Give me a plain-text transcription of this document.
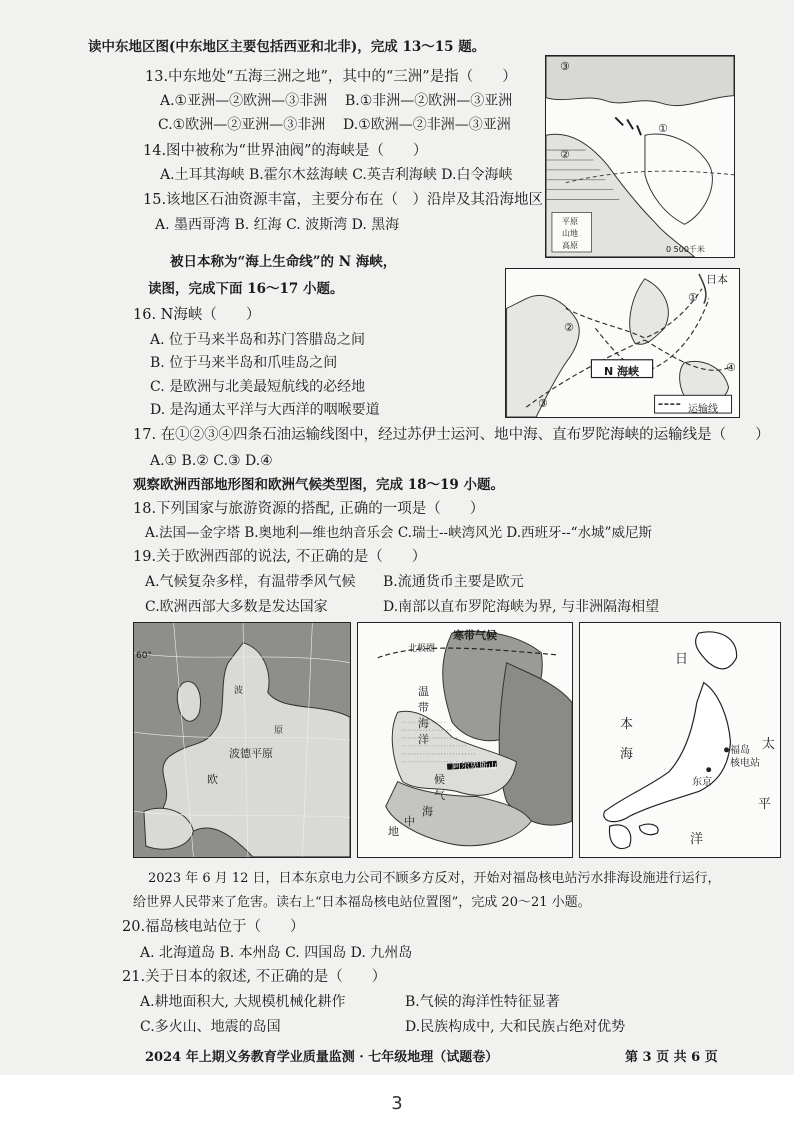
读中东地区图(中东地区主要包括西亚和北非)，完成 13～15 题。
13.中东地处“五海三洲之地”，其中的“三洲”是指（　　）
A.①亚洲—②欧洲—③非洲 B.①非洲—②欧洲—③亚洲
C.①欧洲—②亚洲—③非洲 D.①欧洲—②非洲—③亚洲
14.图中被称为“世界油阀”的海峡是（　　）
A.土耳其海峡 B.霍尔木兹海峡 C.英吉利海峡 D.白令海峡
15.该地区石油资源丰富，主要分布在（　）沿岸及其沿海地区
A. 墨西哥湾 B. 红海 C. 波斯湾 D. 黑海
①
②
③
平原
山地
高原	0 500千米
被日本称为“海上生命线”的 N 海峡，
读图，完成下面 16～17 小题。
16. N海峡（　　）
A. 位于马来半岛和苏门答腊岛之间
B. 位于马来半岛和爪哇岛之间
C. 是欧洲与北美最短航线的必经地
D. 是沟通太平洋与大西洋的咽喉要道
17. 在①②③④四条石油运输线图中，经过苏伊士运河、地中海、直布罗陀海峡的运输线是（　　）
A.① B.② C.③ D.④
日本
N 海峡
运输线
①
②
③
④
观察欧洲西部地形图和欧洲气候类型图，完成 18～19 小题。
18.下列国家与旅游资源的搭配, 正确的一项是（　　）
A.法国—金字塔 B.奥地利—维也纳音乐会 C.瑞士--峡湾风光 D.西班牙--“水城”威尼斯
19.关于欧洲西部的说法, 不正确的是（　　）
A.气候复杂多样，有温带季风气候 B.流通货币主要是欧元
C.欧洲西部大多数是发达国家	D.南部以直布罗陀海峡为界, 与非洲隔海相望
60°
波
波德平原
欧
原
寒带气候
北极圈
温
带
海
洋
阿尔卑斯山
候
地
中
海
气
日
本
海
太
平
洋
东京
福岛
核电站
2023 年 6 月 12 日，日本东京电力公司不顾多方反对，开始对福岛核电站污水排海设施进行运行，
给世界人民带来了危害。读右上“日本福岛核电站位置图”，完成 20～21 小题。
20.福岛核电站位于（　　）
A. 北海道岛 B. 本州岛 C. 四国岛 D. 九州岛
21.关于日本的叙述, 不正确的是（　　）
A.耕地面积大, 大规模机械化耕作	B.气候的海洋性特征显著
C.多火山、地震的岛国	D.民族构成中, 大和民族占绝对优势
2024 年上期义务教育学业质量监测 · 七年级地理（试题卷）	第 3 页 共 6 页
3
